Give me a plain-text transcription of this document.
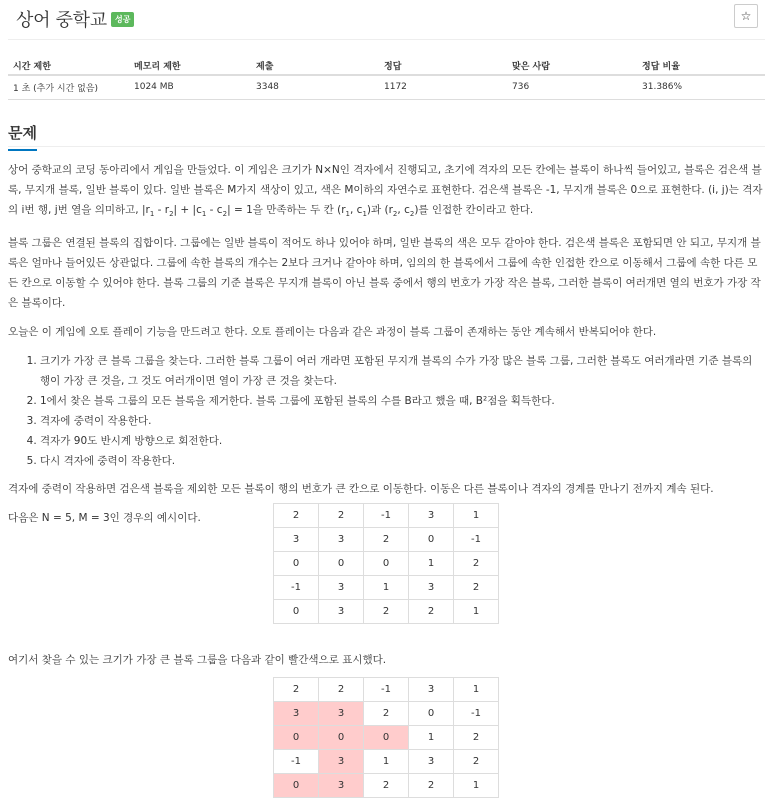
상어 중학교	성공	☆
시간 제한	메모리 제한	제출	정답	맞은 사람	정답 비율
1 초 (추가 시간 없음)	1024 MB	3348	1172	736	31.386%
문제

상어 중학교의 코딩 동아리에서 게임을 만들었다. 이 게임은 크기가 N×N인 격자에서 진행되고, 초기에 격자의 모든 칸에는 블록이 하나씩 들어있고, 블록은 검은색 블록, 무지개 블록, 일반 블록이 있다. 일반 블록은 M가지 색상이 있고, 색은 M이하의 자연수로 표현한다. 검은색 블록은 -1, 무지개 블록은 0으로 표현한다. (i, j)는 격자의 i번 행, j번 열을 의미하고, $|r_1 - r_2| + |c_1 - c_2| = 1$을 만족하는 두 칸 ($r_1$, $c_1$)과 ($r_2$, $c_2$)를 인접한 칸이라고 한다.

블록 그룹은 연결된 블록의 집합이다. 그룹에는 일반 블록이 적어도 하나 있어야 하며, 일반 블록의 색은 모두 같아야 한다. 검은색 블록은 포함되면 안 되고, 무지개 블록은 얼마나 들어있든 상관없다. 그룹에 속한 블록의 개수는 2보다 크거나 같아야 하며, 임의의 한 블록에서 그룹에 속한 인접한 칸으로 이동해서 그룹에 속한 다른 모든 칸으로 이동할 수 있어야 한다. 블록 그룹의 기준 블록은 무지개 블록이 아닌 블록 중에서 행의 번호가 가장 작은 블록, 그러한 블록이 여러개면 열의 번호가 가장 작은 블록이다.

오늘은 이 게임에 오토 플레이 기능을 만드려고 한다. 오토 플레이는 다음과 같은 과정이 블록 그룹이 존재하는 동안 계속해서 반복되어야 한다.

1. 크기가 가장 큰 블록 그룹을 찾는다. 그러한 블록 그룹이 여러 개라면 포함된 무지개 블록의 수가 가장 많은 블록 그룹, 그러한 블록도 여러개라면 기준 블록의 행이 가장 큰 것을, 그 것도 여러개이면 열이 가장 큰 것을 찾는다.
2. 1에서 찾은 블록 그룹의 모든 블록을 제거한다. 블록 그룹에 포함된 블록의 수를 B라고 했을 때, B²점을 획득한다.
3. 격자에 중력이 작용한다.
4. 격자가 90도 반시계 방향으로 회전한다.
5. 다시 격자에 중력이 작용한다.

격자에 중력이 작용하면 검은색 블록을 제외한 모든 블록이 행의 번호가 큰 칸으로 이동한다. 이동은 다른 블록이나 격자의 경계를 만나기 전까지 계속 된다.

다음은 N = 5, M = 3인 경우의 예시이다.	2	2	-1	3	1
3	3	2	0	-1
0	0	0	1	2
-1	3	1	3	2
0	3	2	2	1

여기서 찾을 수 있는 크기가 가장 큰 블록 그룹을 다음과 같이 빨간색으로 표시했다.

2	2	-1	3	1
3	3	2	0	-1
0	0	0	1	2
-1	3	1	3	2
0	3	2	2	1
